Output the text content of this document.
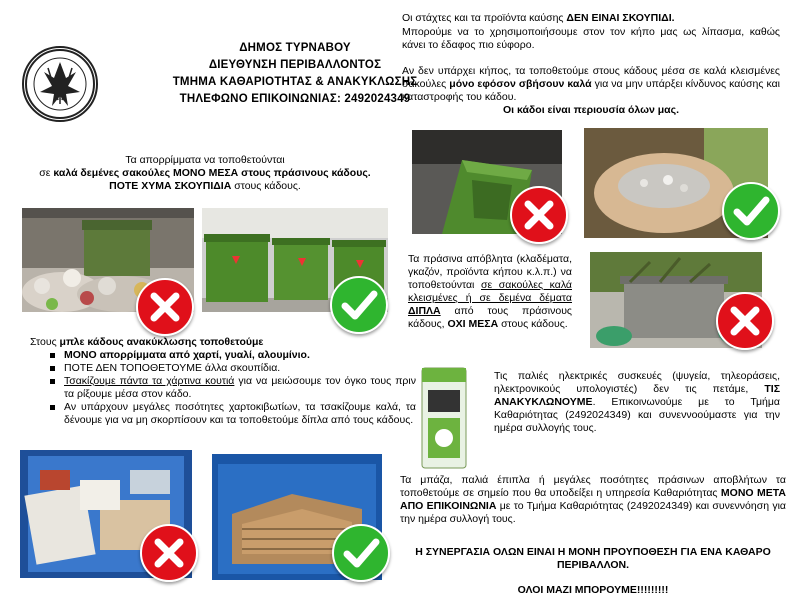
ΔΗΜΟΣ ΤΥΡΝΑΒΟΥ
ΔΙΕΥΘΥΝΣΗ ΠΕΡΙΒΑΛΛΟΝΤΟΣ
ΤΜΗΜΑ ΚΑΘΑΡΙΟΤΗΤΑΣ & ΑΝΑΚΥΚΛΩΣΗΣ
ΤΗΛΕΦΩΝΟ ΕΠΙΚΟΙΝΩΝΙΑΣ: 2492024349
Τα απορρίμματα να τοποθετούνται
σε καλά δεμένες σακούλες ΜΟΝΟ ΜΕΣΑ στους πράσινους κάδους.
ΠΟΤΕ ΧΥΜΑ ΣΚΟΥΠΙΔΙΑ στους κάδους.
Στους μπλε κάδους ανακύκλωσης τοποθετούμε
ΜΟΝΟ απορρίμματα από χαρτί, γυαλί, αλουμίνιο.
ΠΟΤΕ ΔΕΝ ΤΟΠΟΘΕΤΟΥΜΕ άλλα σκουπίδια.
Τσακίζουμε πάντα τα χάρτινα κουτιά για να μειώσουμε τον όγκο τους πριν τα ρίξουμε μέσα στον κάδο.
Αν υπάρχουν μεγάλες ποσότητες χαρτοκιβωτίων, τα τσακίζουμε καλά, τα δένουμε για να μη σκορπίσουν και τα τοποθετούμε δίπλα από τους κάδους.
Οι στάχτες και τα προϊόντα καύσης ΔΕΝ ΕΙΝΑΙ ΣΚΟΥΠΙΔΙ.
Μπορούμε να το χρησιμοποιήσουμε στον τον κήπο μας ως λίπασμα, καθώς κάνει το έδαφος πιο εύφορο.
Αν δεν υπάρχει κήπος, τα τοποθετούμε στους κάδους μέσα σε καλά κλεισμένες σακούλες μόνο εφόσον σβήσουν καλά για να μην υπάρξει κίνδυνος καύσης και καταστροφής του κάδου.
Οι κάδοι είναι περιουσία όλων μας.
Τα πράσινα απόβλητα (κλαδέματα, γκαζόν, προϊόντα κήπου κ.λ.π.) να τοποθετούνται σε σακούλες καλά κλεισμένες ή σε δεμένα δέματα ΔΙΠΛΑ από τους πράσινους κάδους, ΟΧΙ ΜΕΣΑ στους κάδους.
Τις παλιές ηλεκτρικές συσκευές (ψυγεία, τηλεοράσεις, ηλεκτρονικούς υπολογιστές) δεν τις πετάμε, ΤΙΣ ΑΝΑΚΥΚΛΩΝΟΥΜΕ. Επικοινωνούμε με το Τμήμα Καθαριότητας (2492024349) και συνεννοούμαστε για την ημέρα συλλογής τους.
Τα μπάζα, παλιά έπιπλα ή μεγάλες ποσότητες πράσινων αποβλήτων τα τοποθετούμε σε σημείο που θα υποδείξει η υπηρεσία Καθαριότητας ΜΟΝΟ ΜΕΤΑ ΑΠΟ ΕΠΙΚΟΙΝΩΝΙΑ με το Τμήμα Καθαριότητας (2492024349) και συνεννόηση για την ημέρα συλλογή τους.
Η ΣΥΝΕΡΓΑΣΙΑ ΟΛΩΝ ΕΙΝΑΙ Η ΜΟΝΗ ΠΡΟΥΠΟΘΕΣΗ ΓΙΑ ΕΝΑ ΚΑΘΑΡΟ ΠΕΡΙΒΑΛΛΟΝ.
ΟΛΟΙ ΜΑΖΙ ΜΠΟΡΟΥΜΕ!!!!!!!!!
